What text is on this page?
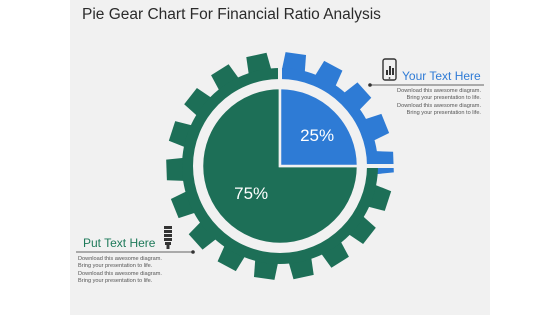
Pie Gear Chart For Financial Ratio Analysis
75%
25%
Your Text Here
Download this awesome diagram.
Bring your presentation to life.
Download this awesome diagram.
Bring your presentation to life.
Put Text Here
Download this awesome diagram.
Bring your presentation to life.
Download this awesome diagram.
Bring your presentation to life.
